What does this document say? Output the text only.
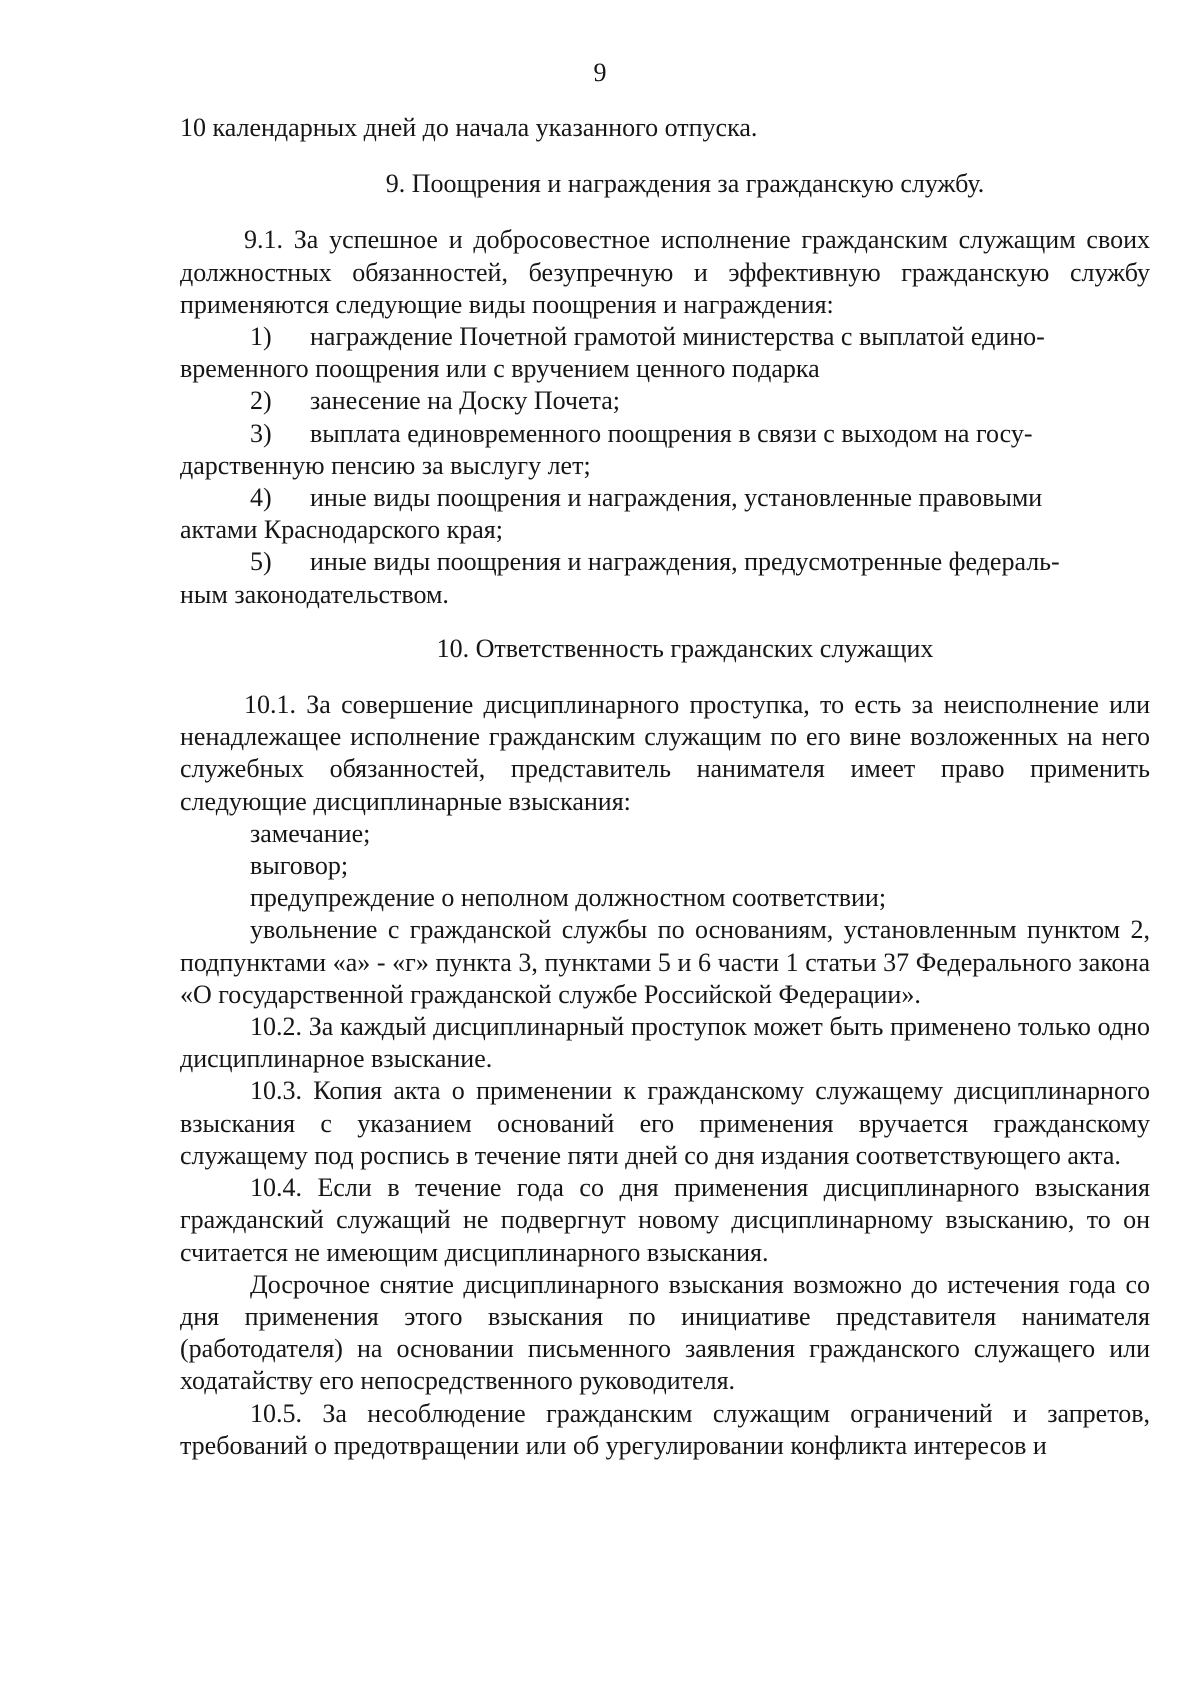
9

10 календарных дней до начала указанного отпуска.

9. Поощрения и награждения за гражданскую службу.

9.1. За успешное и добросовестное исполнение гражданским служащим своих должностных обязанностей, безупречную и эффективную гражданскую службу применяются следующие виды поощрения и награждения:

1)	награждение Почетной грамотой министерства с выплатой едино-

временного поощрения или с вручением ценного подарка

2)	занесение на Доску Почета;

3)	выплата единовременного поощрения в связи с выходом на госу-

дарственную пенсию за выслугу лет;

4)	иные виды поощрения и награждения, установленные правовыми

актами Краснодарского края;

5)	иные виды поощрения и награждения, предусмотренные федераль-

ным законодательством.

10. Ответственность гражданских служащих

10.1. За совершение дисциплинарного проступка, то есть за неисполнение или ненадлежащее исполнение гражданским служащим по его вине возложенных на него служебных обязанностей, представитель нанимателя имеет право применить следующие дисциплинарные взыскания:

замечание;

выговор;

предупреждение о неполном должностном соответствии;

увольнение с гражданской службы по основаниям, установленным пунктом 2, подпунктами «а» - «г» пункта 3, пунктами 5 и 6 части 1 статьи 37 Федерального закона «О государственной гражданской службе Российской Федерации».

10.2. За каждый дисциплинарный проступок может быть применено только одно дисциплинарное взыскание.

10.3. Копия акта о применении к гражданскому служащему дисциплинарного взыскания с указанием оснований его применения вручается гражданскому служащему под роспись в течение пяти дней со дня издания соответствующего акта.

10.4. Если в течение года со дня применения дисциплинарного взыскания гражданский служащий не подвергнут новому дисциплинарному взысканию, то он считается не имеющим дисциплинарного взыскания.

Досрочное снятие дисциплинарного взыскания возможно до истечения года со дня применения этого взыскания по инициативе представителя нанимателя (работодателя) на основании письменного заявления гражданского служащего или ходатайству его непосредственного руководителя.

10.5. За несоблюдение гражданским служащим ограничений и запретов, требований о предотвращении или об урегулировании конфликта интересов и
